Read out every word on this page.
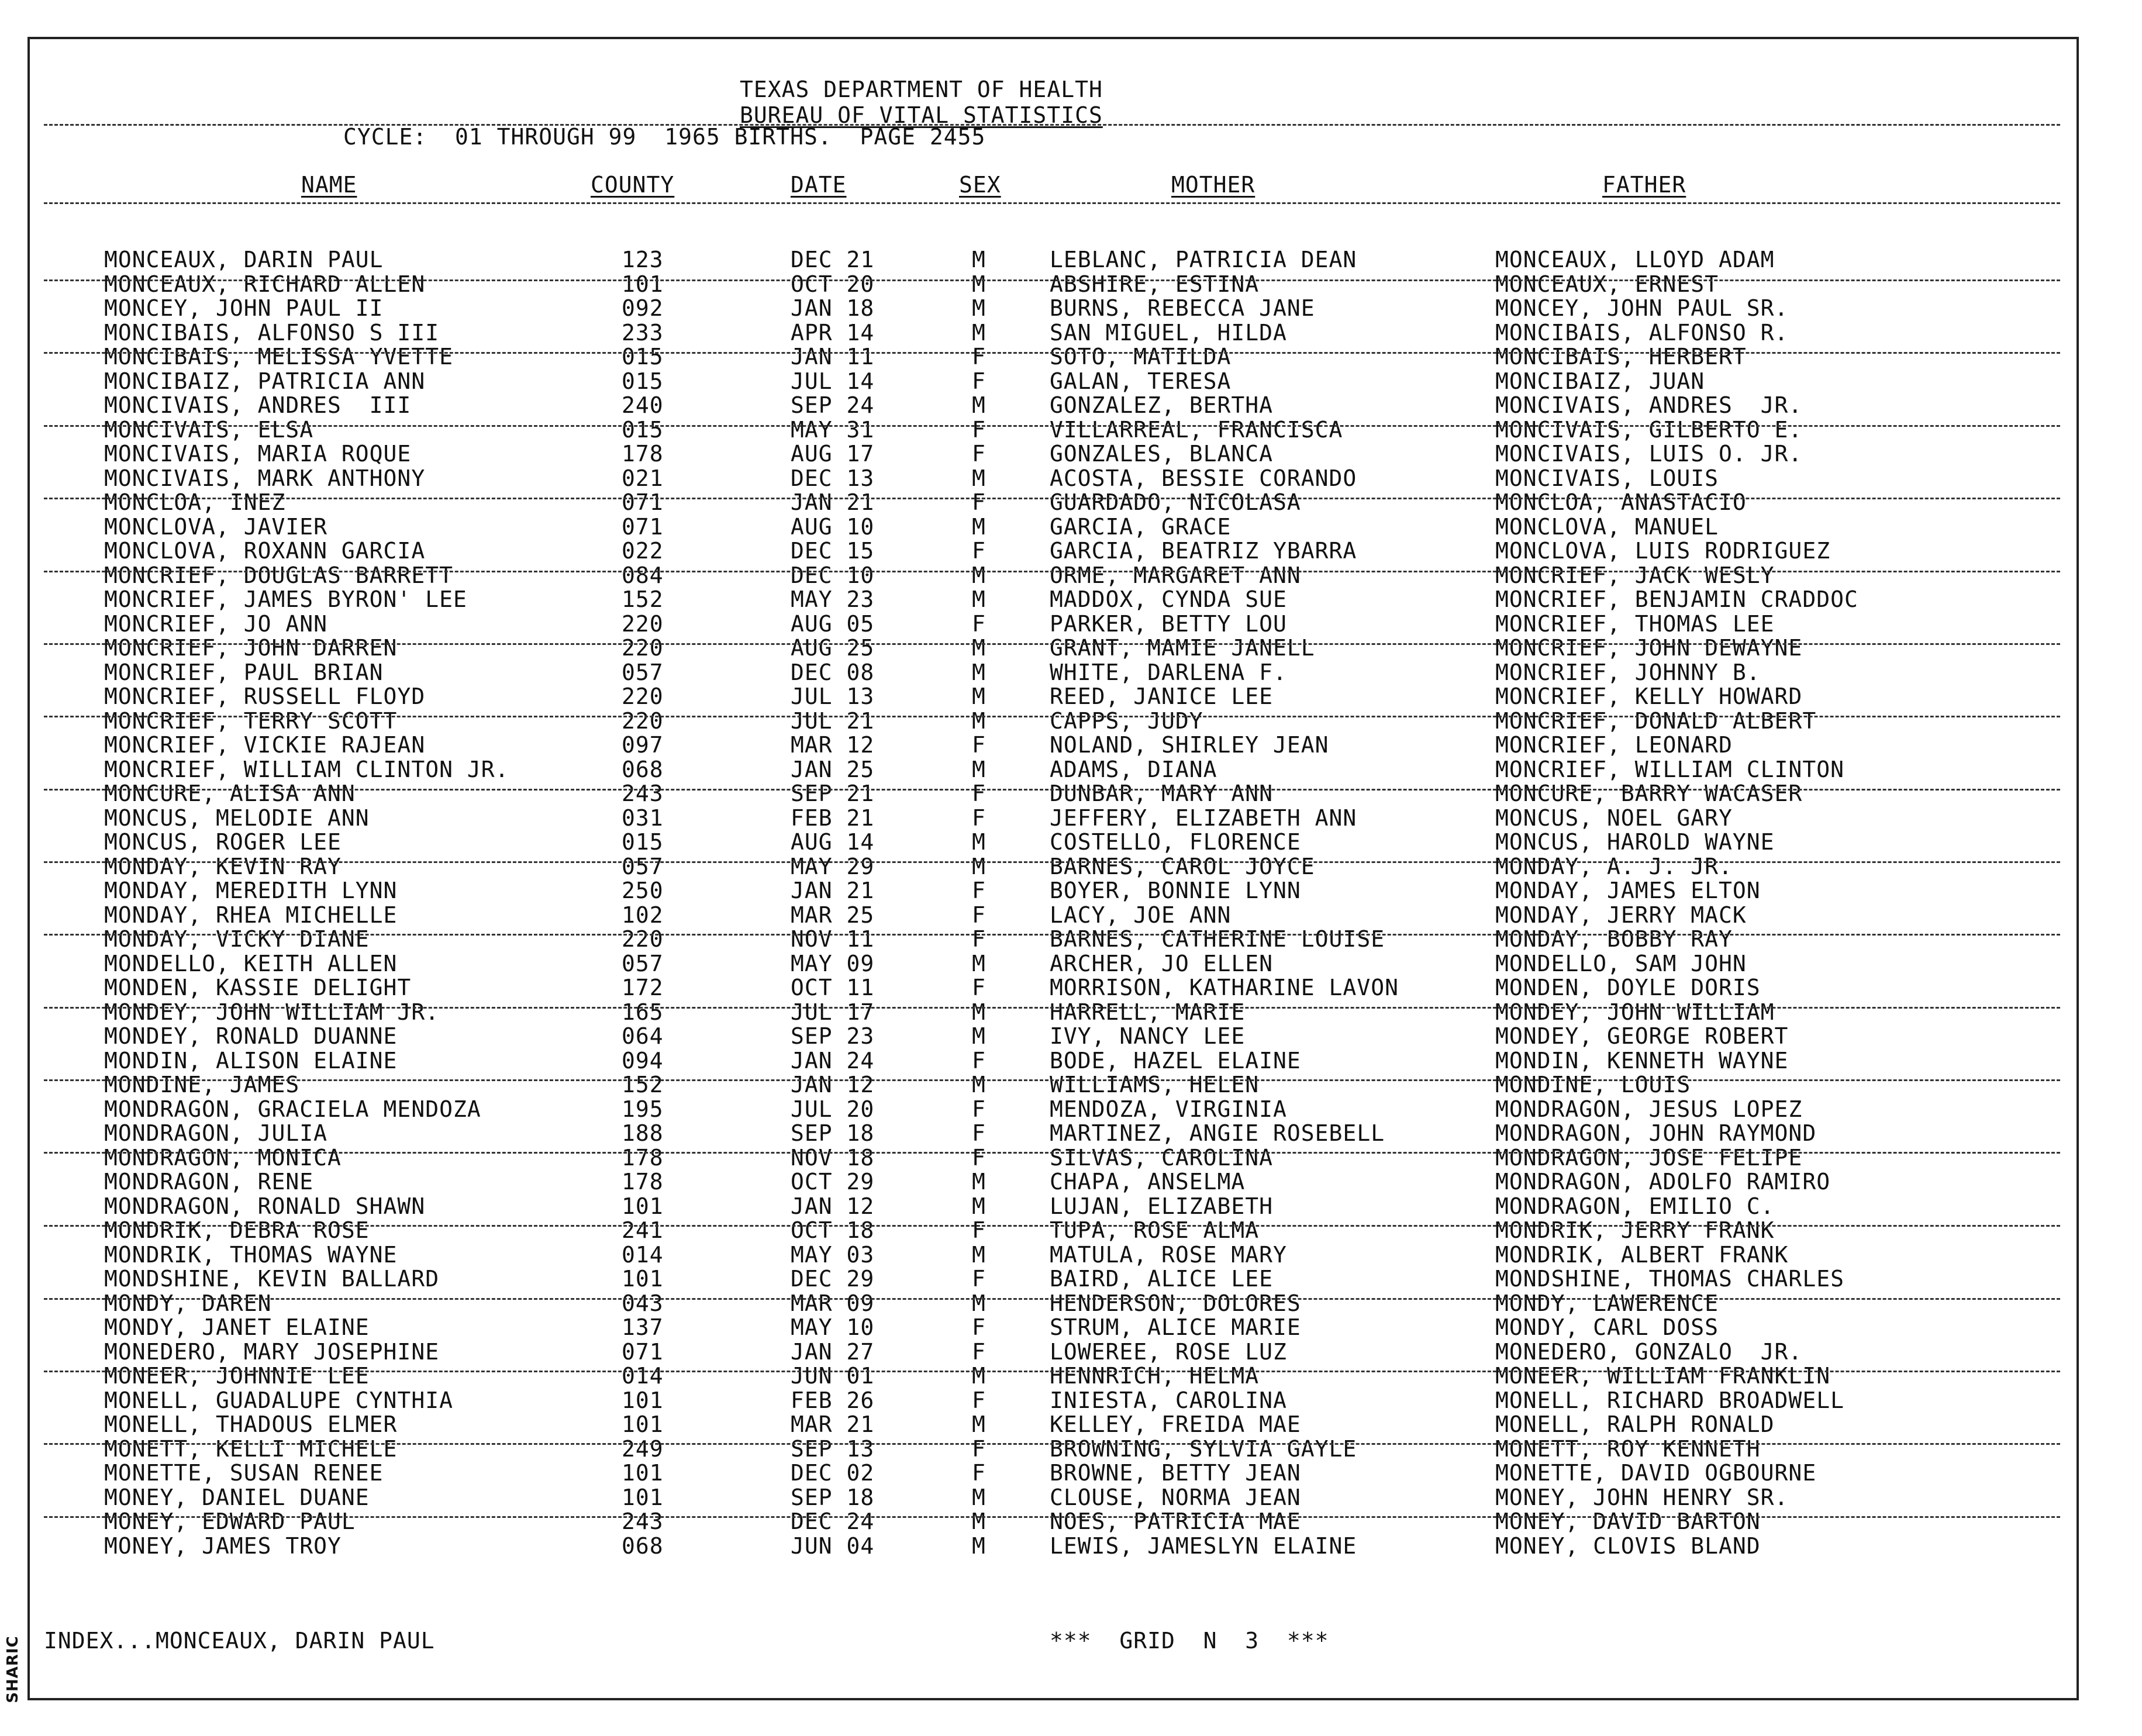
TEXAS DEPARTMENT OF HEALTH
BUREAU OF VITAL STATISTICS
CYCLE:  01 THROUGH 99  1965 BIRTHS.  PAGE 2455
NAME	COUNTY	DATE	SEX	MOTHER	FATHER
MONCEAUX, DARIN PAUL	123	DEC 21	M	LEBLANC, PATRICIA DEAN	MONCEAUX, LLOYD ADAM
MONCEAUX, RICHARD ALLEN	101	OCT 20	M	ABSHIRE, ESTINA	MONCEAUX, ERNEST
MONCEY, JOHN PAUL II	092	JAN 18	M	BURNS, REBECCA JANE	MONCEY, JOHN PAUL SR.
MONCIBAIS, ALFONSO S III	233	APR 14	M	SAN MIGUEL, HILDA	MONCIBAIS, ALFONSO R.
MONCIBAIS, MELISSA YVETTE	015	JAN 11	F	SOTO, MATILDA	MONCIBAIS, HERBERT
MONCIBAIZ, PATRICIA ANN	015	JUL 14	F	GALAN, TERESA	MONCIBAIZ, JUAN
MONCIVAIS, ANDRES  III	240	SEP 24	M	GONZALEZ, BERTHA	MONCIVAIS, ANDRES  JR.
MONCIVAIS, ELSA	015	MAY 31	F	VILLARREAL, FRANCISCA	MONCIVAIS, GILBERTO E.
MONCIVAIS, MARIA ROQUE	178	AUG 17	F	GONZALES, BLANCA	MONCIVAIS, LUIS O. JR.
MONCIVAIS, MARK ANTHONY	021	DEC 13	M	ACOSTA, BESSIE CORANDO	MONCIVAIS, LOUIS
MONCLOA, INEZ	071	JAN 21	F	GUARDADO, NICOLASA	MONCLOA, ANASTACIO
MONCLOVA, JAVIER	071	AUG 10	M	GARCIA, GRACE	MONCLOVA, MANUEL
MONCLOVA, ROXANN GARCIA	022	DEC 15	F	GARCIA, BEATRIZ YBARRA	MONCLOVA, LUIS RODRIGUEZ
MONCRIEF, DOUGLAS BARRETT	084	DEC 10	M	ORME, MARGARET ANN	MONCRIEF, JACK WESLY
MONCRIEF, JAMES BYRON' LEE	152	MAY 23	M	MADDOX, CYNDA SUE	MONCRIEF, BENJAMIN CRADDOC
MONCRIEF, JO ANN	220	AUG 05	F	PARKER, BETTY LOU	MONCRIEF, THOMAS LEE
MONCRIEF, JOHN DARREN	220	AUG 25	M	GRANT, MAMIE JANELL	MONCRIEF, JOHN DEWAYNE
MONCRIEF, PAUL BRIAN	057	DEC 08	M	WHITE, DARLENA F.	MONCRIEF, JOHNNY B.
MONCRIEF, RUSSELL FLOYD	220	JUL 13	M	REED, JANICE LEE	MONCRIEF, KELLY HOWARD
MONCRIEF, TERRY SCOTT	220	JUL 21	M	CAPPS, JUDY	MONCRIEF, DONALD ALBERT
MONCRIEF, VICKIE RAJEAN	097	MAR 12	F	NOLAND, SHIRLEY JEAN	MONCRIEF, LEONARD
MONCRIEF, WILLIAM CLINTON JR.	068	JAN 25	M	ADAMS, DIANA	MONCRIEF, WILLIAM CLINTON
MONCURE, ALISA ANN	243	SEP 21	F	DUNBAR, MARY ANN	MONCURE, BARRY WACASER
MONCUS, MELODIE ANN	031	FEB 21	F	JEFFERY, ELIZABETH ANN	MONCUS, NOEL GARY
MONCUS, ROGER LEE	015	AUG 14	M	COSTELLO, FLORENCE	MONCUS, HAROLD WAYNE
MONDAY, KEVIN RAY	057	MAY 29	M	BARNES, CAROL JOYCE	MONDAY, A. J. JR.
MONDAY, MEREDITH LYNN	250	JAN 21	F	BOYER, BONNIE LYNN	MONDAY, JAMES ELTON
MONDAY, RHEA MICHELLE	102	MAR 25	F	LACY, JOE ANN	MONDAY, JERRY MACK
MONDAY, VICKY DIANE	220	NOV 11	F	BARNES, CATHERINE LOUISE	MONDAY, BOBBY RAY
MONDELLO, KEITH ALLEN	057	MAY 09	M	ARCHER, JO ELLEN	MONDELLO, SAM JOHN
MONDEN, KASSIE DELIGHT	172	OCT 11	F	MORRISON, KATHARINE LAVON	MONDEN, DOYLE DORIS
MONDEY, JOHN WILLIAM JR.	165	JUL 17	M	HARRELL, MARIE	MONDEY, JOHN WILLIAM
MONDEY, RONALD DUANNE	064	SEP 23	M	IVY, NANCY LEE	MONDEY, GEORGE ROBERT
MONDIN, ALISON ELAINE	094	JAN 24	F	BODE, HAZEL ELAINE	MONDIN, KENNETH WAYNE
MONDINE, JAMES	152	JAN 12	M	WILLIAMS, HELEN	MONDINE, LOUIS
MONDRAGON, GRACIELA MENDOZA	195	JUL 20	F	MENDOZA, VIRGINIA	MONDRAGON, JESUS LOPEZ
MONDRAGON, JULIA	188	SEP 18	F	MARTINEZ, ANGIE ROSEBELL	MONDRAGON, JOHN RAYMOND
MONDRAGON, MONICA	178	NOV 18	F	SILVAS, CAROLINA	MONDRAGON, JOSE FELIPE
MONDRAGON, RENE	178	OCT 29	M	CHAPA, ANSELMA	MONDRAGON, ADOLFO RAMIRO
MONDRAGON, RONALD SHAWN	101	JAN 12	M	LUJAN, ELIZABETH	MONDRAGON, EMILIO C.
MONDRIK, DEBRA ROSE	241	OCT 18	F	TUPA, ROSE ALMA	MONDRIK, JERRY FRANK
MONDRIK, THOMAS WAYNE	014	MAY 03	M	MATULA, ROSE MARY	MONDRIK, ALBERT FRANK
MONDSHINE, KEVIN BALLARD	101	DEC 29	F	BAIRD, ALICE LEE	MONDSHINE, THOMAS CHARLES
MONDY, DAREN	043	MAR 09	M	HENDERSON, DOLORES	MONDY, LAWERENCE
MONDY, JANET ELAINE	137	MAY 10	F	STRUM, ALICE MARIE	MONDY, CARL DOSS
MONEDERO, MARY JOSEPHINE	071	JAN 27	F	LOWEREE, ROSE LUZ	MONEDERO, GONZALO  JR.
MONEER, JOHNNIE LEE	014	JUN 01	M	HENNRICH, HELMA	MONEER, WILLIAM FRANKLIN
MONELL, GUADALUPE CYNTHIA	101	FEB 26	F	INIESTA, CAROLINA	MONELL, RICHARD BROADWELL
MONELL, THADOUS ELMER	101	MAR 21	M	KELLEY, FREIDA MAE	MONELL, RALPH RONALD
MONETT, KELLI MICHELE	249	SEP 13	F	BROWNING, SYLVIA GAYLE	MONETT, ROY KENNETH
MONETTE, SUSAN RENEE	101	DEC 02	F	BROWNE, BETTY JEAN	MONETTE, DAVID OGBOURNE
MONEY, DANIEL DUANE	101	SEP 18	M	CLOUSE, NORMA JEAN	MONEY, JOHN HENRY SR.
MONEY, EDWARD PAUL	243	DEC 24	M	NOES, PATRICIA MAE	MONEY, DAVID BARTON
MONEY, JAMES TROY	068	JUN 04	M	LEWIS, JAMESLYN ELAINE	MONEY, CLOVIS BLAND
INDEX...MONCEAUX, DARIN PAUL	***  GRID  N  3  ***
SHARIC
